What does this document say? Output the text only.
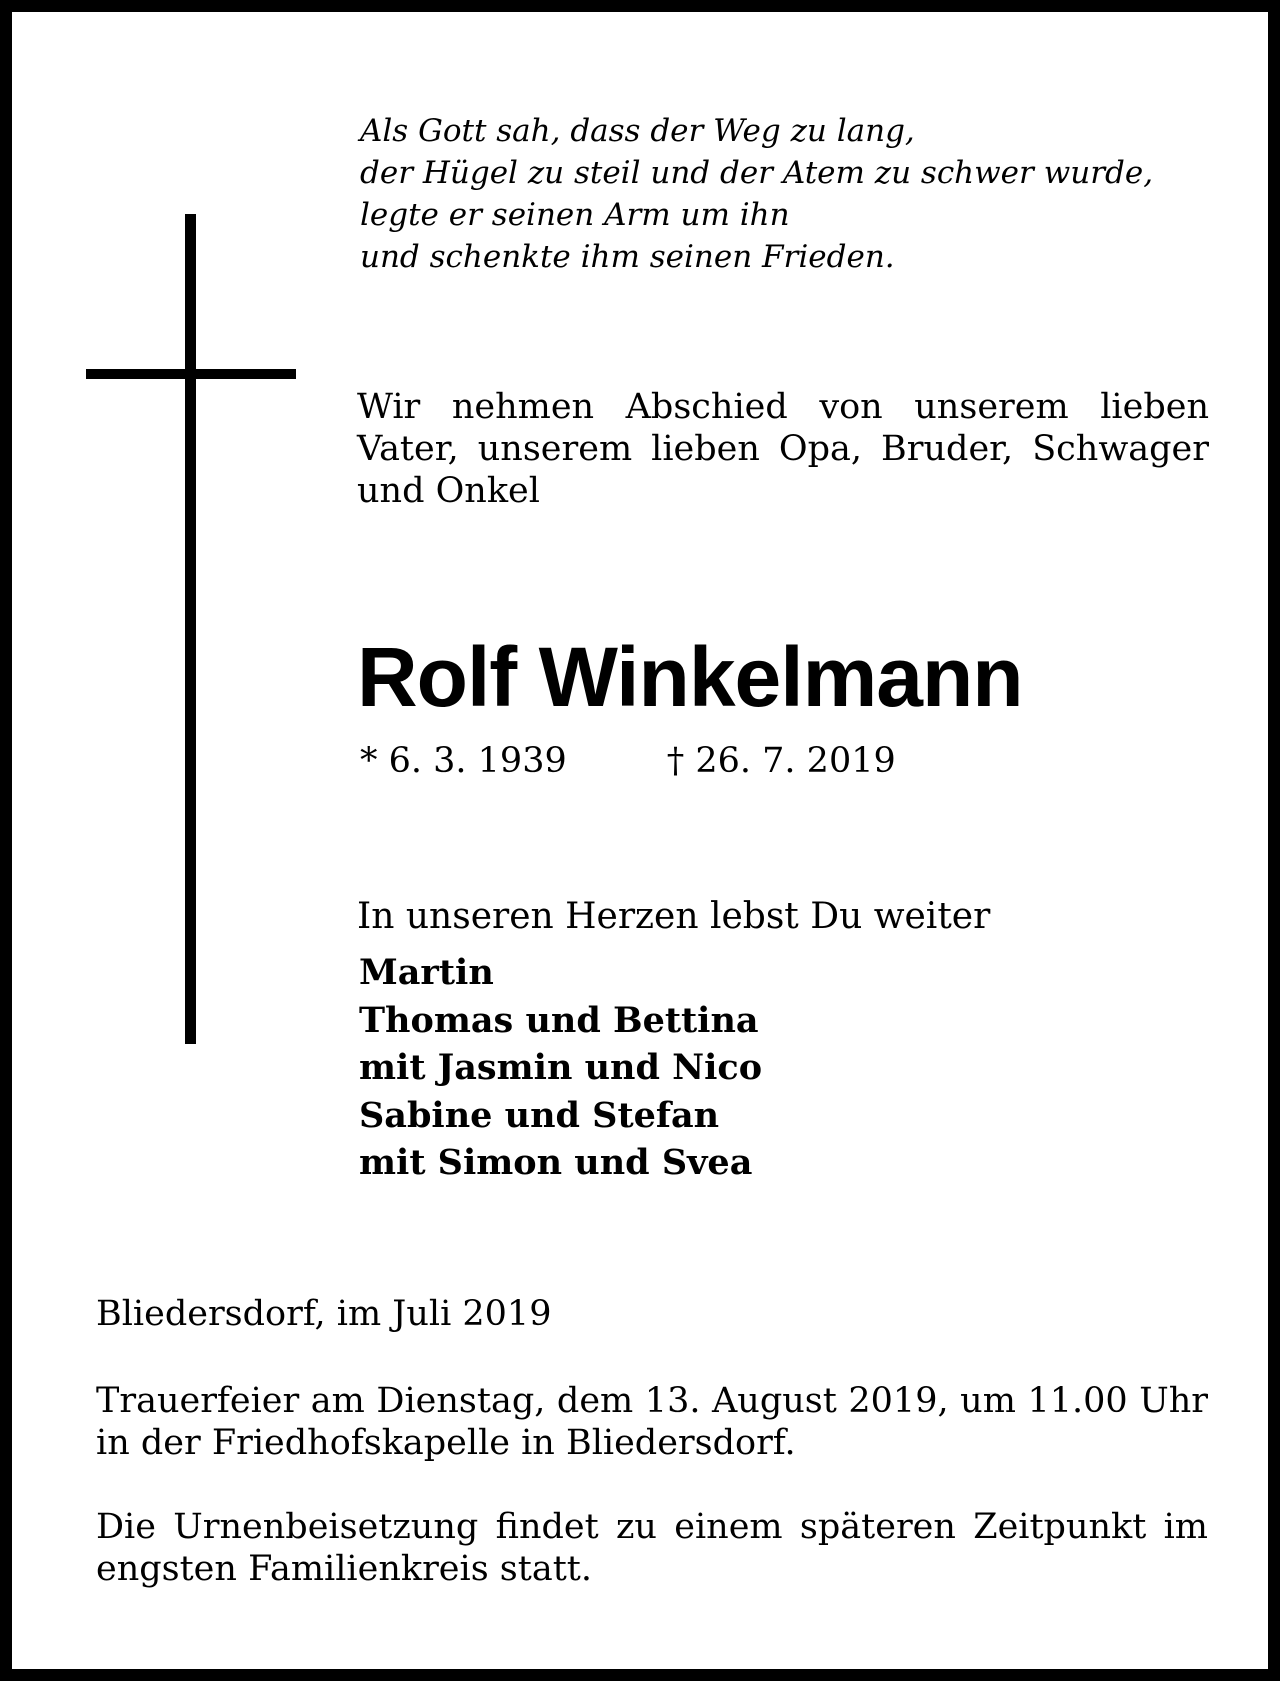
Als Gott sah, dass der Weg zu lang,
der Hügel zu steil und der Atem zu schwer wurde,
legte er seinen Arm um ihn
und schenkte ihm seinen Frieden.

Wir nehmen Abschied von unserem lieben Vater, unserem lieben Opa, Bruder, Schwager und Onkel

Rolf Winkelmann
* 6. 3. 1939	† 26. 7. 2019
In unseren Herzen lebst Du weiter
Martin
Thomas und Bettina
mit Jasmin und Nico
Sabine und Stefan
mit Simon und Svea
Bliedersdorf, im Juli 2019

Trauerfeier am Dienstag, dem 13. August 2019, um 11.00 Uhr in der Friedhofskapelle in Bliedersdorf.

Die Urnenbeisetzung findet zu einem späteren Zeitpunkt im engsten Familienkreis statt.
